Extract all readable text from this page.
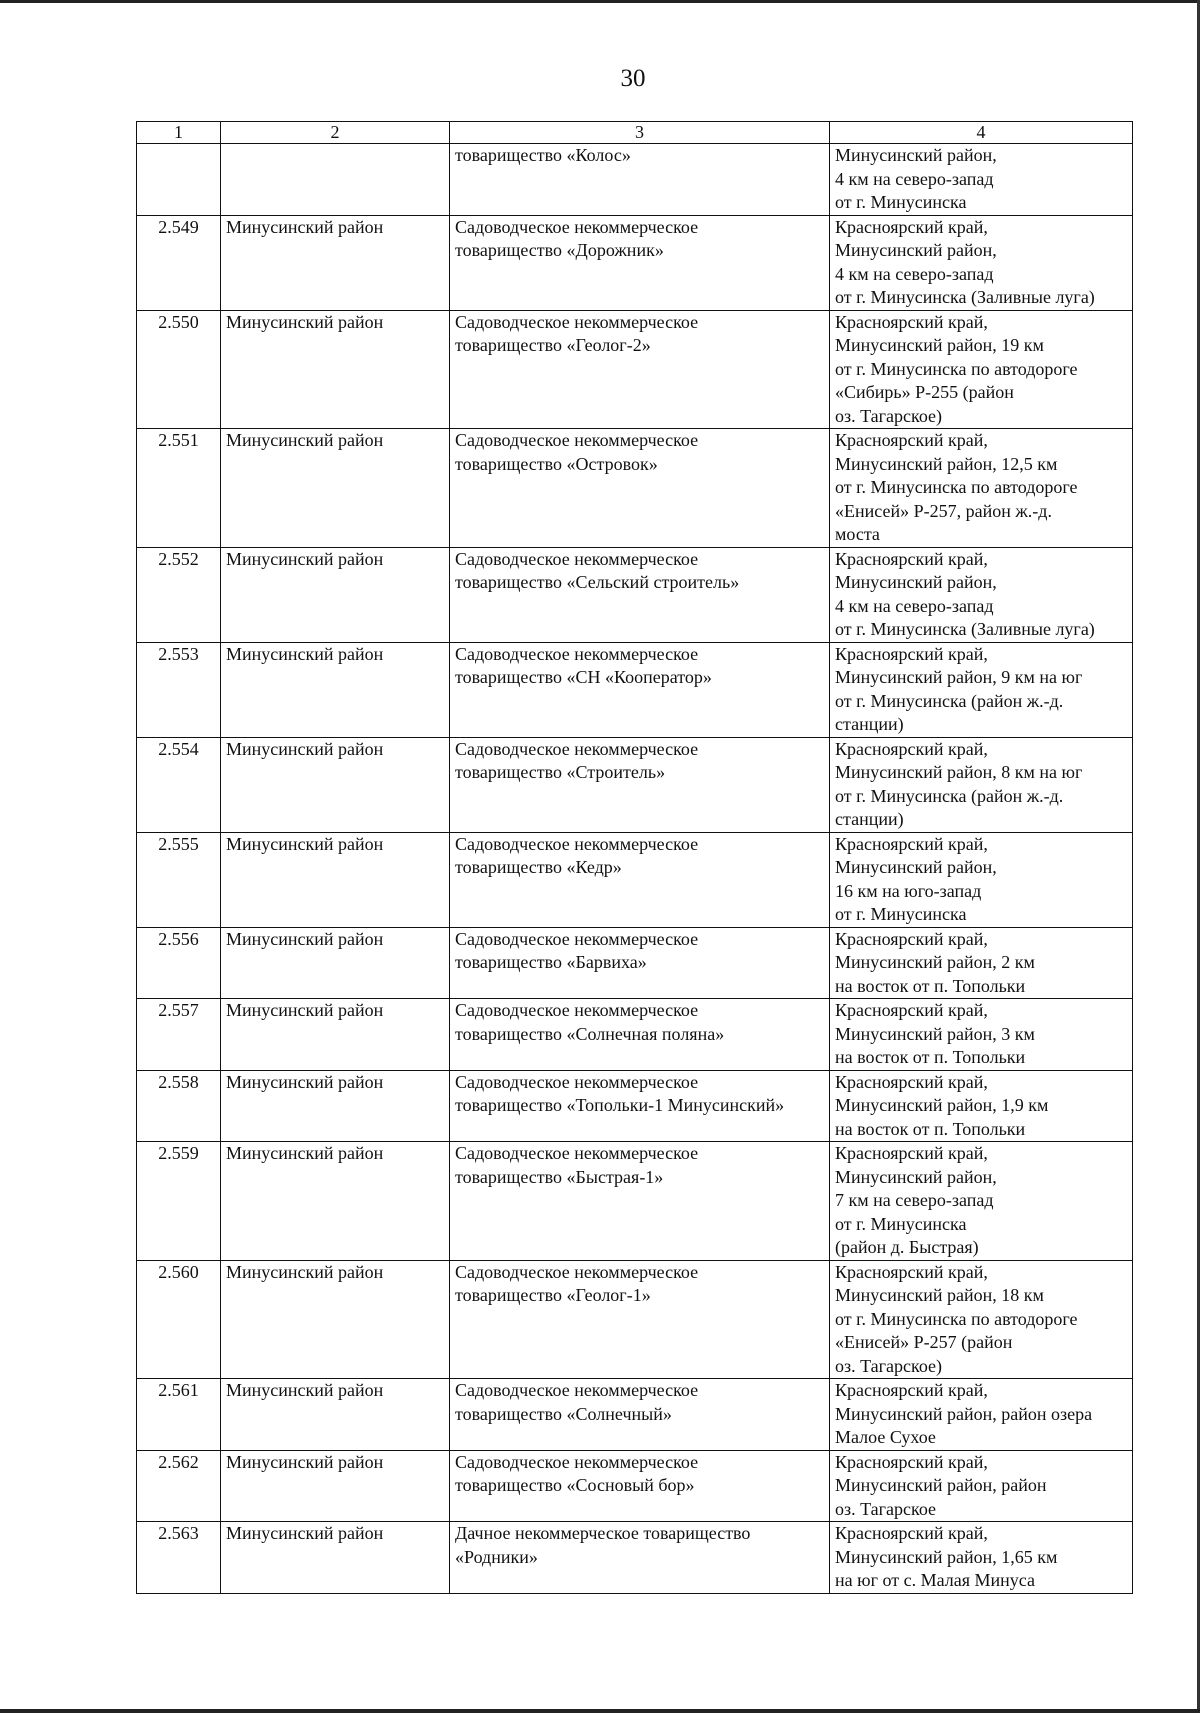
30
1	2	3	4
		товарищество «Колос»	Минусинский район,
4 км на северо-запад
от г. Минусинска
2.549	Минусинский район	Садоводческое некоммерческое
товарищество «Дорожник»	Красноярский край,
Минусинский район,
4 км на северо-запад
от г. Минусинска (Заливные луга)
2.550	Минусинский район	Садоводческое некоммерческое
товарищество «Геолог-2»	Красноярский край,
Минусинский район, 19 км
от г. Минусинска по автодороге
«Сибирь» Р-255 (район
оз. Тагарское)
2.551	Минусинский район	Садоводческое некоммерческое
товарищество «Островок»	Красноярский край,
Минусинский район, 12,5 км
от г. Минусинска по автодороге
«Енисей» Р-257, район ж.-д.
моста
2.552	Минусинский район	Садоводческое некоммерческое
товарищество «Сельский строитель»	Красноярский край,
Минусинский район,
4 км на северо-запад
от г. Минусинска (Заливные луга)
2.553	Минусинский район	Садоводческое некоммерческое
товарищество «СН «Кооператор»	Красноярский край,
Минусинский район, 9 км на юг
от г. Минусинска (район ж.-д.
станции)
2.554	Минусинский район	Садоводческое некоммерческое
товарищество «Строитель»	Красноярский край,
Минусинский район, 8 км на юг
от г. Минусинска (район ж.-д.
станции)
2.555	Минусинский район	Садоводческое некоммерческое
товарищество «Кедр»	Красноярский край,
Минусинский район,
16 км на юго-запад
от г. Минусинска
2.556	Минусинский район	Садоводческое некоммерческое
товарищество «Барвиха»	Красноярский край,
Минусинский район, 2 км
на восток от п. Топольки
2.557	Минусинский район	Садоводческое некоммерческое
товарищество «Солнечная поляна»	Красноярский край,
Минусинский район, 3 км
на восток от п. Топольки
2.558	Минусинский район	Садоводческое некоммерческое
товарищество «Топольки-1 Минусинский»	Красноярский край,
Минусинский район, 1,9 км
на восток от п. Топольки
2.559	Минусинский район	Садоводческое некоммерческое
товарищество «Быстрая-1»	Красноярский край,
Минусинский район,
7 км на северо-запад
от г. Минусинска
(район д. Быстрая)
2.560	Минусинский район	Садоводческое некоммерческое
товарищество «Геолог-1»	Красноярский край,
Минусинский район, 18 км
от г. Минусинска по автодороге
«Енисей» Р-257 (район
оз. Тагарское)
2.561	Минусинский район	Садоводческое некоммерческое
товарищество «Солнечный»	Красноярский край,
Минусинский район, район озера
Малое Сухое
2.562	Минусинский район	Садоводческое некоммерческое
товарищество «Сосновый бор»	Красноярский край,
Минусинский район, район
оз. Тагарское
2.563	Минусинский район	Дачное некоммерческое товарищество
«Родники»	Красноярский край,
Минусинский район, 1,65 км
на юг от с. Малая Минуса
